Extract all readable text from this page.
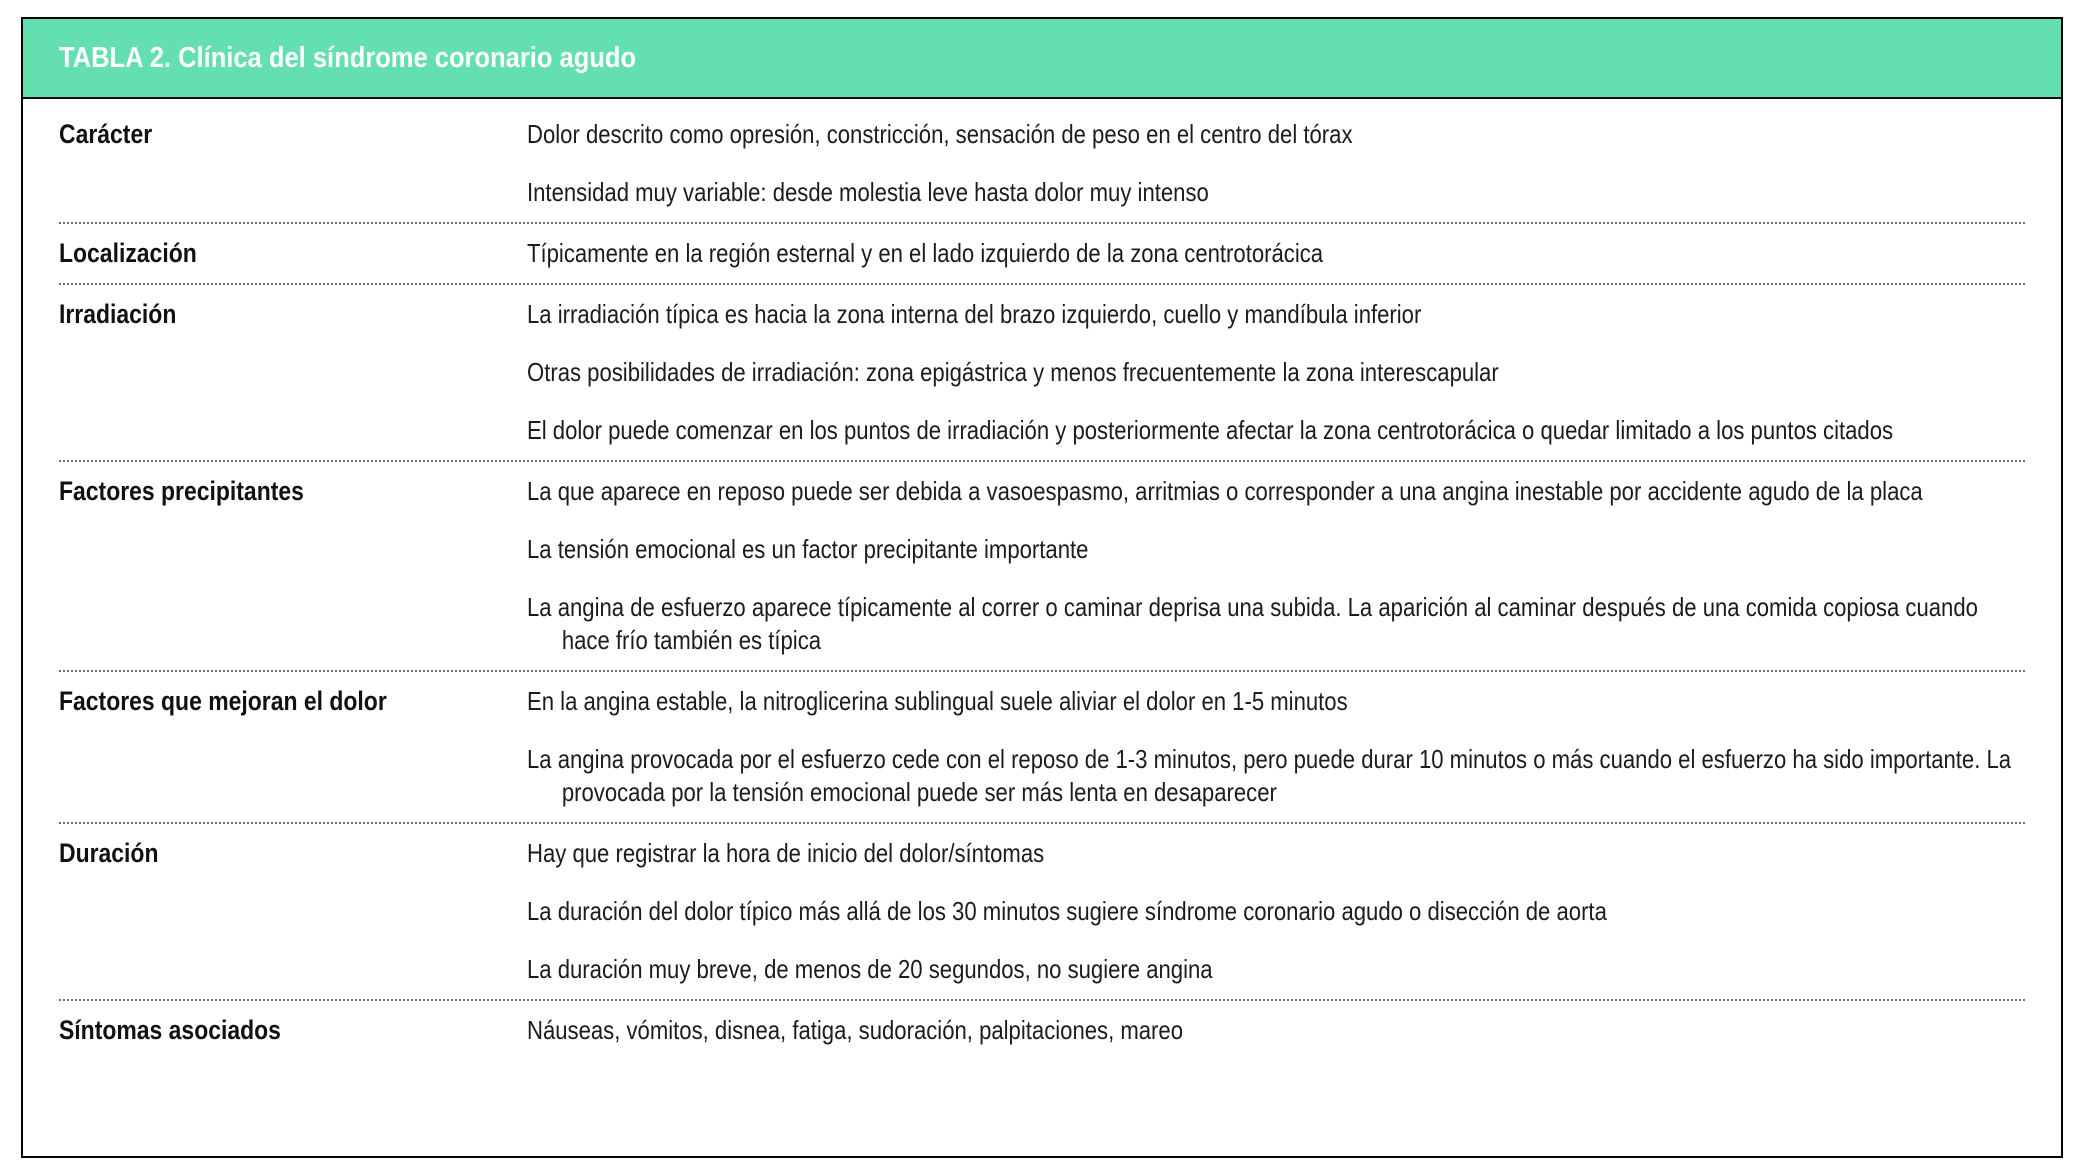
TABLA 2. Clínica del síndrome coronario agudo
Carácter	Dolor descrito como opresión, constricción, sensación de peso en el centro del tórax

Intensidad muy variable: desde molestia leve hasta dolor muy intenso

Localización	Típicamente en la región esternal y en el lado izquierdo de la zona centrotorácica

Irradiación	La irradiación típica es hacia la zona interna del brazo izquierdo, cuello y mandíbula inferior

Otras posibilidades de irradiación: zona epigástrica y menos frecuentemente la zona interescapular

El dolor puede comenzar en los puntos de irradiación y posteriormente afectar la zona centrotorácica o quedar limitado a los puntos citados

Factores precipitantes	La que aparece en reposo puede ser debida a vasoespasmo, arritmias o corresponder a una angina inestable por accidente agudo de la placa

La tensión emocional es un factor precipitante importante

La angina de esfuerzo aparece típicamente al correr o caminar deprisa una subida. La aparición al caminar después de una comida copiosa cuando hace frío también es típica

Factores que mejoran el dolor	En la angina estable, la nitroglicerina sublingual suele aliviar el dolor en 1-5 minutos

La angina provocada por el esfuerzo cede con el reposo de 1-3 minutos, pero puede durar 10 minutos o más cuando el esfuerzo ha sido importante. La provocada por la tensión emocional puede ser más lenta en desaparecer

Duración	Hay que registrar la hora de inicio del dolor/síntomas

La duración del dolor típico más allá de los 30 minutos sugiere síndrome coronario agudo o disección de aorta

La duración muy breve, de menos de 20 segundos, no sugiere angina

Síntomas asociados	Náuseas, vómitos, disnea, fatiga, sudoración, palpitaciones, mareo
